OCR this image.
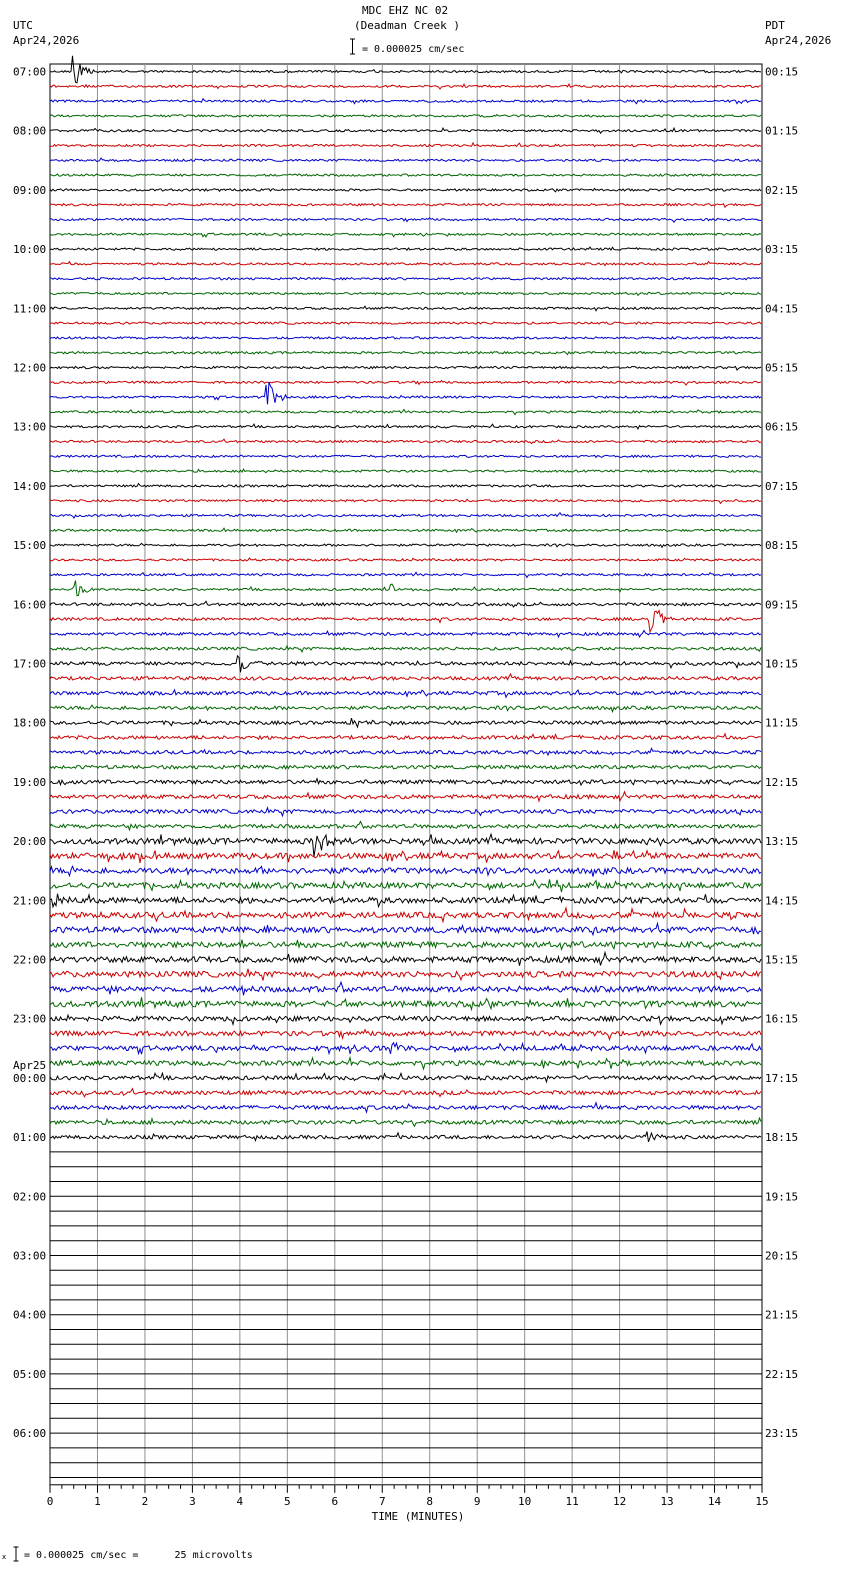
MDC EHZ NC 02
(Deadman Creek )
= 0.000025 cm/sec
UTC
Apr24,2026
PDT
Apr24,2026
0	1	2	3	4	5	6	7	8	9	10	11	12	13	14	15
07:00	00:15
08:00	01:15
09:00	02:15
10:00	03:15
11:00	04:15
12:00	05:15
13:00	06:15
14:00	07:15
15:00	08:15
16:00	09:15
17:00	10:15
18:00	11:15
19:00	12:15
20:00	13:15
21:00	14:15
22:00	15:15
23:00	16:15
00:00	17:15
01:00	18:15
02:00	19:15
03:00	20:15
04:00	21:15
05:00	22:15
06:00	23:15
Apr25
TIME (MINUTES)
x = 0.000025 cm/sec =      25 microvolts
